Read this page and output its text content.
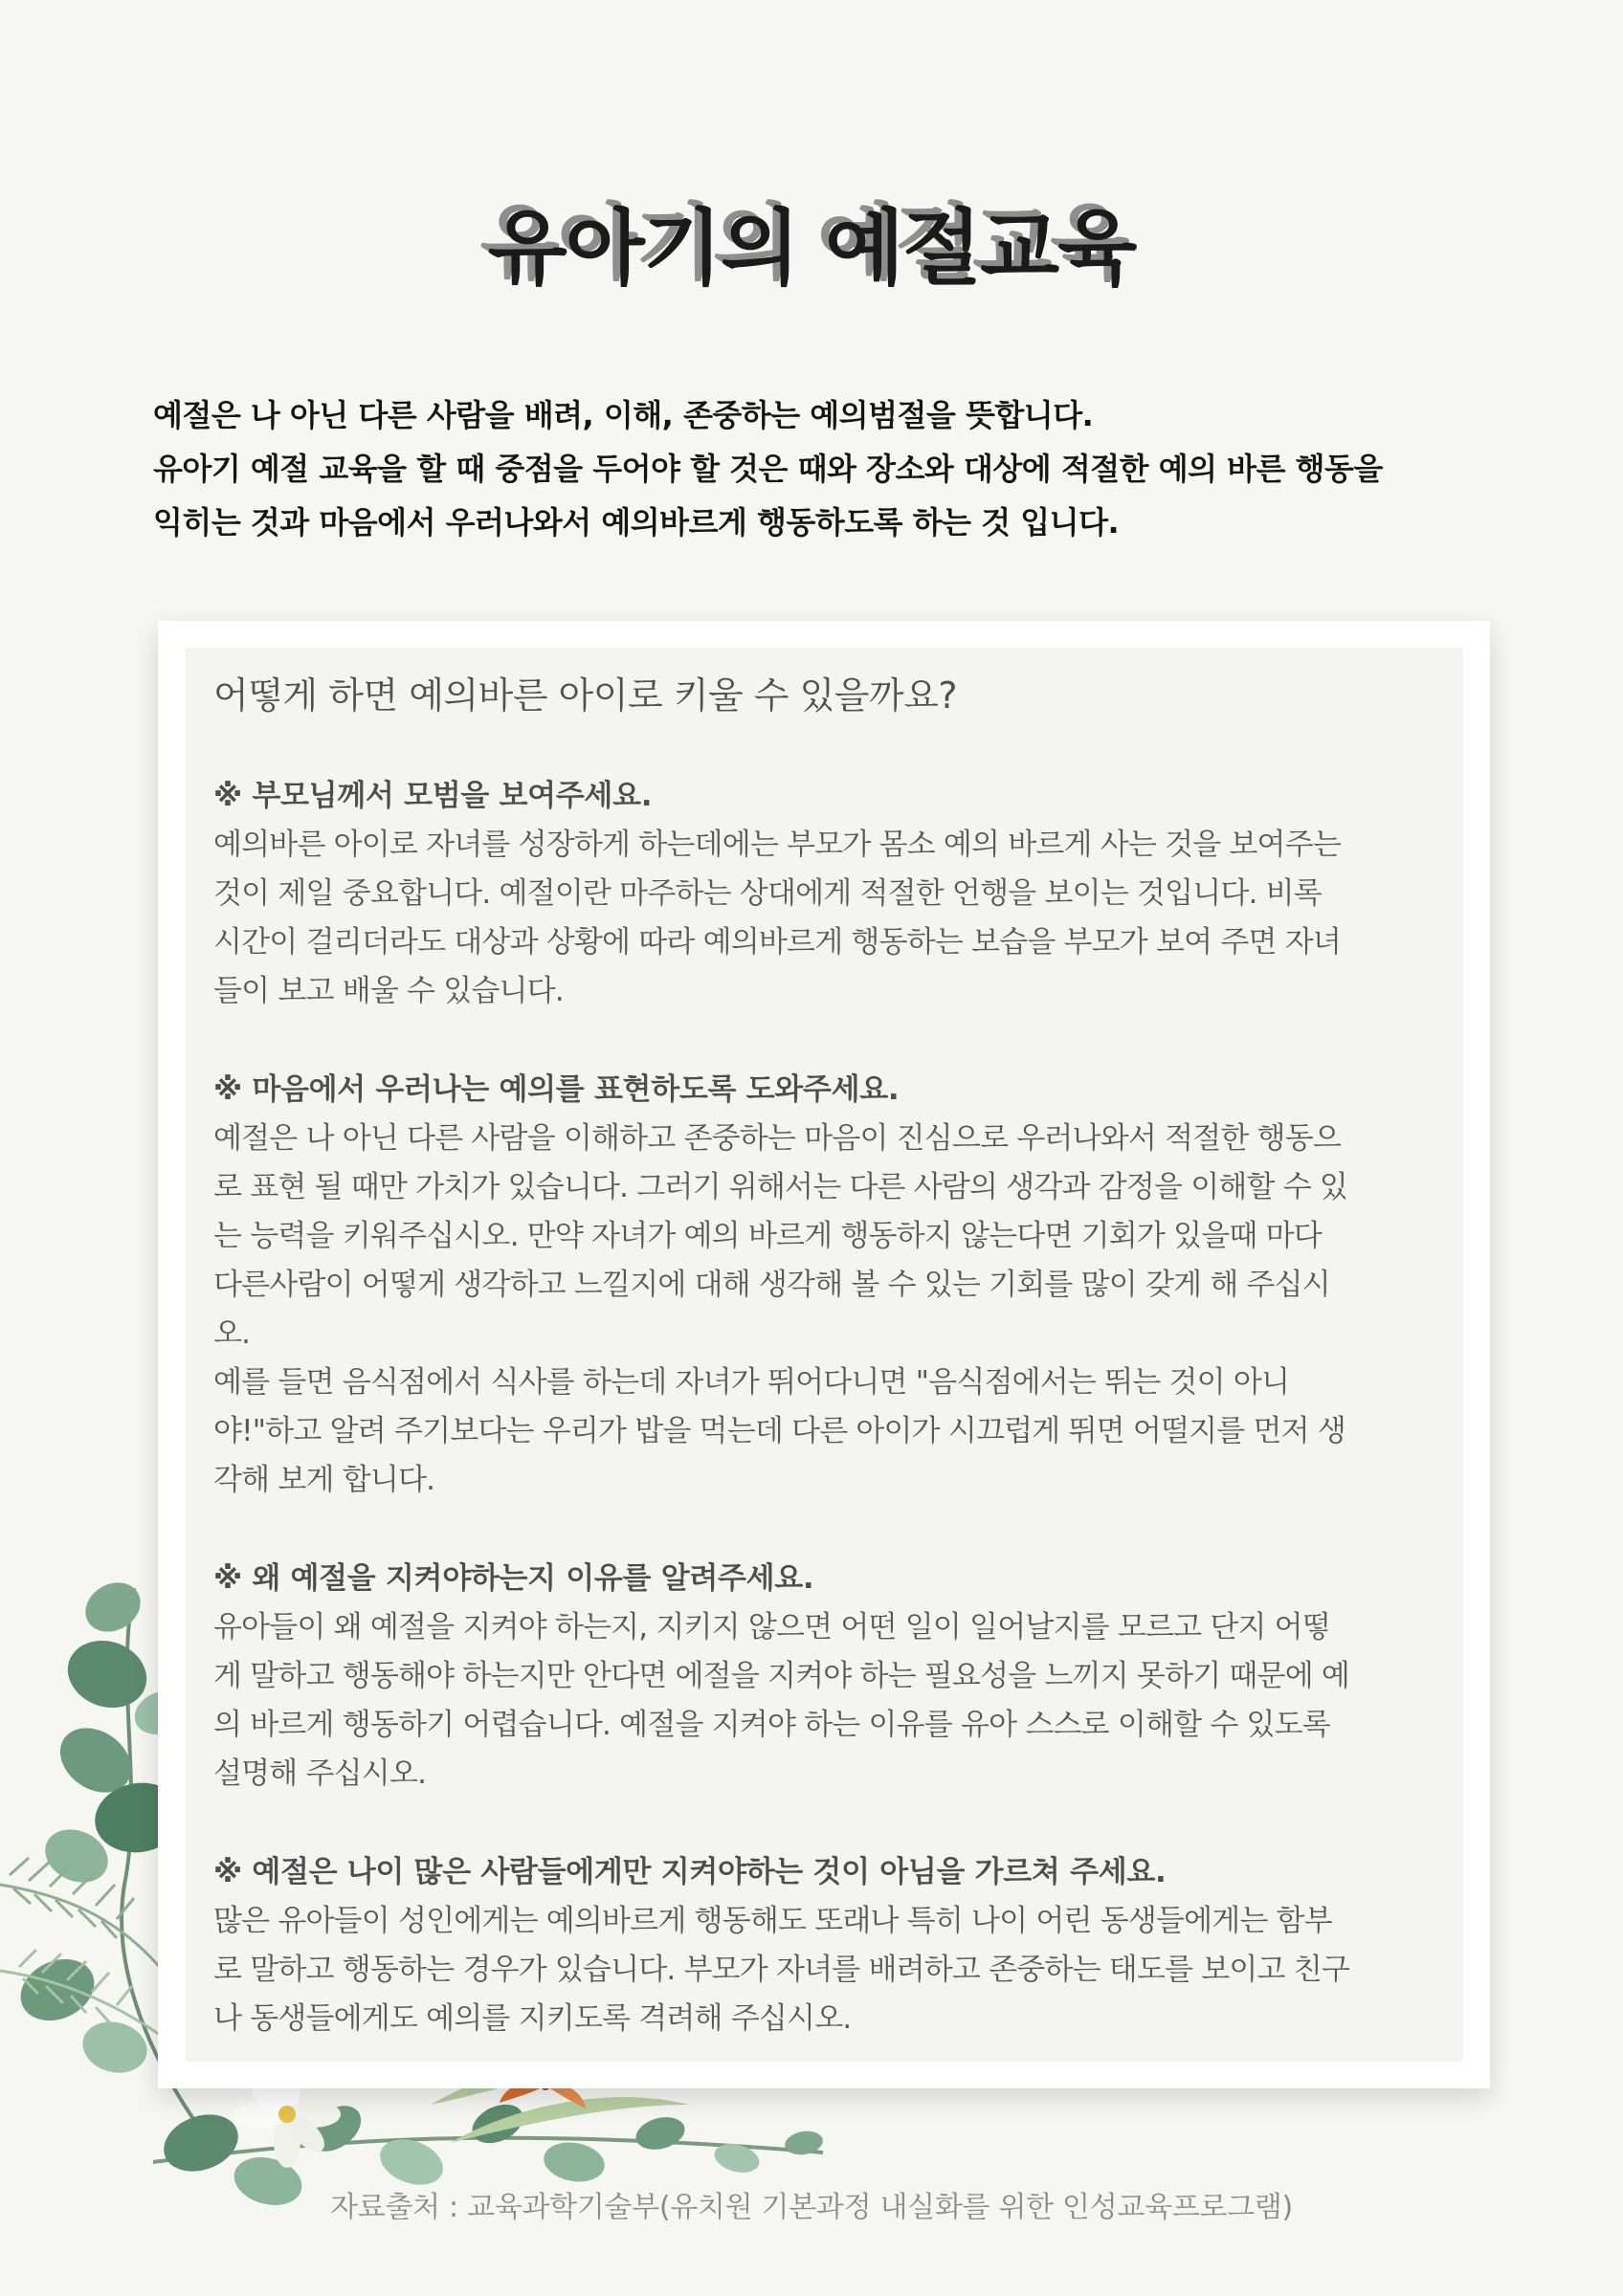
유아기의 예절교육

예절은 나 아닌 다른 사람을 배려, 이해, 존중하는 예의범절을 뜻합니다.

유아기 예절 교육을 할 때 중점을 두어야 할 것은 때와 장소와 대상에 적절한 예의 바른 행동을

익히는 것과 마음에서 우러나와서 예의바르게 행동하도록 하는 것 입니다.

어떻게 하면 예의바른 아이로 키울 수 있을까요?

※ 부모님께서 모범을 보여주세요.

예의바른 아이로 자녀를 성장하게 하는데에는 부모가 몸소 예의 바르게 사는 것을 보여주는

것이 제일 중요합니다. 예절이란 마주하는 상대에게 적절한 언행을 보이는 것입니다. 비록

시간이 걸리더라도 대상과 상황에 따라 예의바르게 행동하는 보습을 부모가 보여 주면 자녀

들이 보고 배울 수 있습니다.

※ 마음에서 우러나는 예의를 표현하도록 도와주세요.

예절은 나 아닌 다른 사람을 이해하고 존중하는 마음이 진심으로 우러나와서 적절한 행동으

로 표현 될 때만 가치가 있습니다. 그러기 위해서는 다른 사람의 생각과 감정을 이해할 수 있

는 능력을 키워주십시오. 만약 자녀가 예의 바르게 행동하지 않는다면 기회가 있을때 마다

다른사람이 어떻게 생각하고 느낄지에 대해 생각해 볼 수 있는 기회를 많이 갖게 해 주십시

오.

예를 들면 음식점에서 식사를 하는데 자녀가 뛰어다니면 "음식점에서는 뛰는 것이 아니

야!"하고 알려 주기보다는 우리가 밥을 먹는데 다른 아이가 시끄럽게 뛰면 어떨지를 먼저 생

각해 보게 합니다.

※ 왜 예절을 지켜야하는지 이유를 알려주세요.

유아들이 왜 예절을 지켜야 하는지, 지키지 않으면 어떤 일이 일어날지를 모르고 단지 어떻

게 말하고 행동해야 하는지만 안다면 에절을 지켜야 하는 필요성을 느끼지 못하기 때문에 예

의 바르게 행동하기 어렵습니다. 예절을 지켜야 하는 이유를 유아 스스로 이해할 수 있도록

설명해 주십시오.

※ 예절은 나이 많은 사람들에게만 지켜야하는 것이 아님을 가르쳐 주세요.

많은 유아들이 성인에게는 예의바르게 행동해도 또래나 특히 나이 어린 동생들에게는 함부

로 말하고 행동하는 경우가 있습니다. 부모가 자녀를 배려하고 존중하는 태도를 보이고 친구

나 동생들에게도 예의를 지키도록 격려해 주십시오.

자료출처 : 교육과학기술부(유치원 기본과정 내실화를 위한 인성교육프로그램)
